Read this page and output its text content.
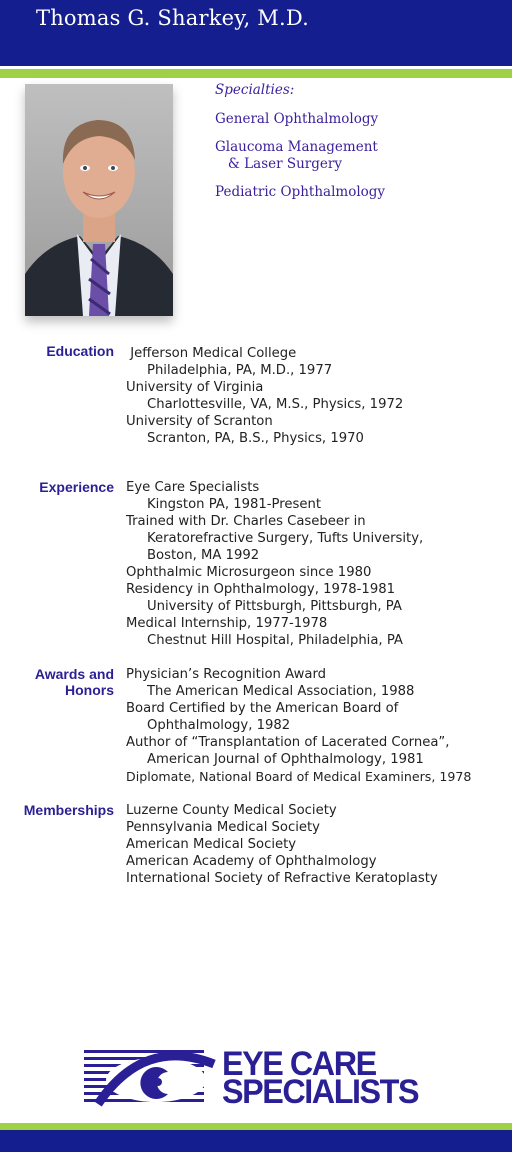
Thomas G. Sharkey, M.D.
Specialties:
General Ophthalmology
Glaucoma Management
& Laser Surgery
Pediatric Ophthalmology
Education Jefferson Medical College
Philadelphia, PA, M.D., 1977
University of Virginia
Charlottesville, VA, M.S., Physics, 1972
University of Scranton
Scranton, PA, B.S., Physics, 1970
Experience Eye Care Specialists
Kingston PA, 1981-Present
Trained with Dr. Charles Casebeer in
Keratorefractive Surgery, Tufts University,
Boston, MA 1992
Ophthalmic Microsurgeon since 1980
Residency in Ophthalmology, 1978-1981
University of Pittsburgh, Pittsburgh, PA
Medical Internship, 1977-1978
Chestnut Hill Hospital, Philadelphia, PA
Awards and
Honors
Physician’s Recognition Award
The American Medical Association, 1988
Board Certified by the American Board of
Ophthalmology, 1982
Author of “Transplantation of Lacerated Cornea”,
American Journal of Ophthalmology, 1981
Diplomate, National Board of Medical Examiners, 1978
Memberships Luzerne County Medical Society
Pennsylvania Medical Society
American Medical Society
American Academy of Ophthalmology
International Society of Refractive Keratoplasty
EYE CARE
SPECIALISTS
